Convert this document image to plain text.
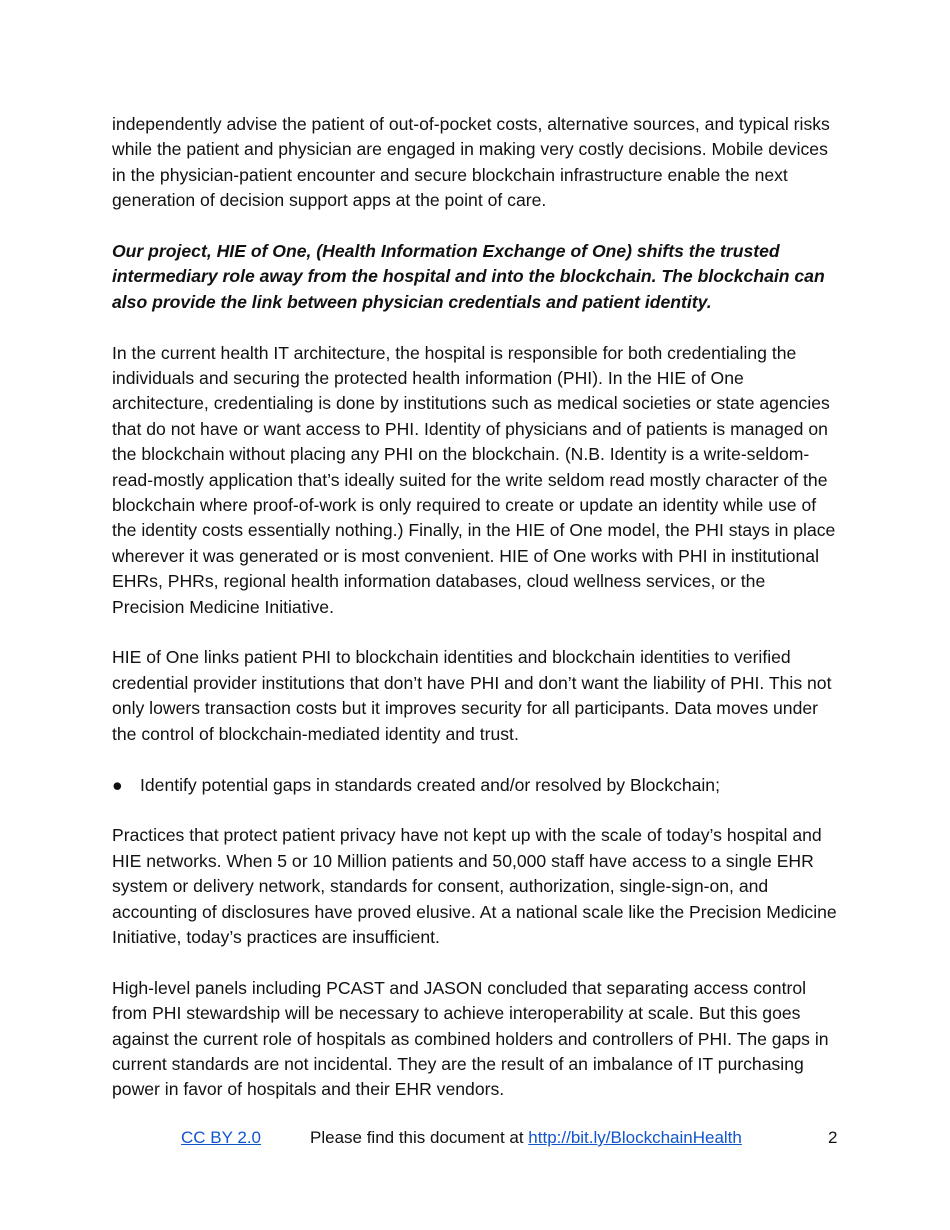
independently advise the patient of out-of-pocket costs, alternative sources, and typical risks while the patient and physician are engaged in making very costly decisions. Mobile devices in the physician-patient encounter and secure blockchain infrastructure enable the next generation of decision support apps at the point of care.

Our project, HIE of One, (Health Information Exchange of One) shifts the trusted intermediary role away from the hospital and into the blockchain. The blockchain can also provide the link between physician credentials and patient identity.

In the current health IT architecture, the hospital is responsible for both credentialing the individuals and securing the protected health information (PHI). In the HIE of One architecture, credentialing is done by institutions such as medical societies or state agencies that do not have or want access to PHI. Identity of physicians and of patients is managed on the blockchain without placing any PHI on the blockchain. (N.B. Identity is a write-seldom-read-mostly application that’s ideally suited for the write seldom read mostly character of the blockchain where proof-of-work is only required to create or update an identity while use of the identity costs essentially nothing.) Finally, in the HIE of One model, the PHI stays in place wherever it was generated or is most convenient. HIE of One works with PHI in institutional EHRs, PHRs, regional health information databases, cloud wellness services, or the Precision Medicine Initiative.

HIE of One links patient PHI to blockchain identities and blockchain identities to verified credential provider institutions that don’t have PHI and don’t want the liability of PHI. This not only lowers transaction costs but it improves security for all participants. Data moves under the control of blockchain-mediated identity and trust.

● Identify potential gaps in standards created and/or resolved by Blockchain;

Practices that protect patient privacy have not kept up with the scale of today’s hospital and HIE networks. When 5 or 10 Million patients and 50,000 staff have access to a single EHR system or delivery network, standards for consent, authorization, single-sign-on, and accounting of disclosures have proved elusive. At a national scale like the Precision Medicine Initiative, today’s practices are insufficient.

High-level panels including PCAST and JASON concluded that separating access control from PHI stewardship will be necessary to achieve interoperability at scale. But this goes against the current role of hospitals as combined holders and controllers of PHI. The gaps in current standards are not incidental. They are the result of an imbalance of IT purchasing power in favor of hospitals and their EHR vendors.

CC BY 2.0	Please find this document at http://bit.ly/BlockchainHealth	2
